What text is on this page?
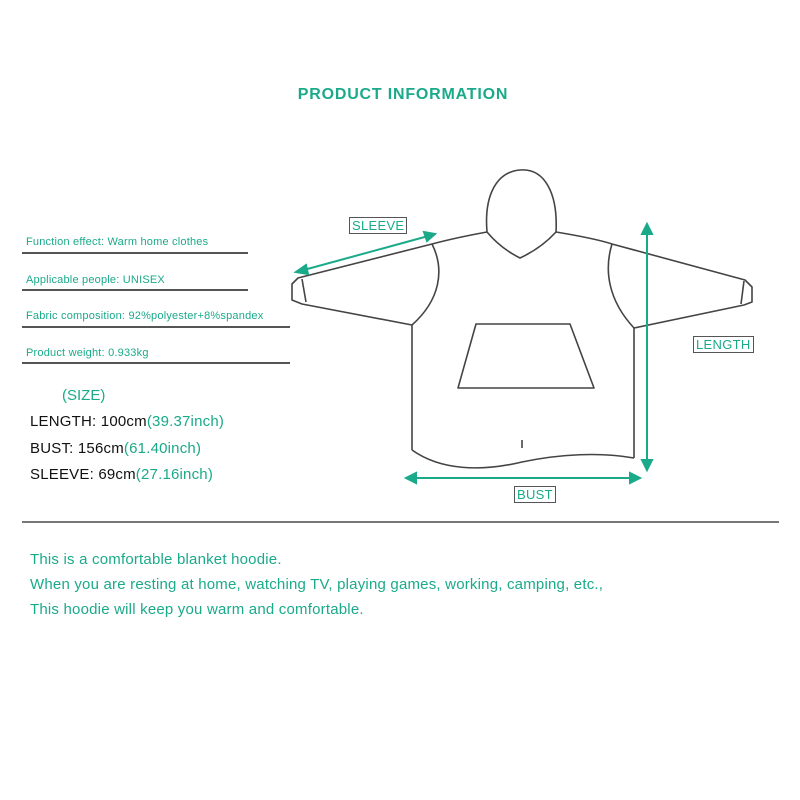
PRODUCT INFORMATION
Function effect: Warm home clothes
Applicable people: UNISEX
Fabric composition: 92%polyester+8%spandex
Product weight: 0.933kg
(SIZE)
LENGTH: 100cm(39.37inch)
BUST: 156cm(61.40inch)
SLEEVE: 69cm(27.16inch)
SLEEVE
LENGTH
BUST
This is a comfortable blanket hoodie.
When you are resting at home, watching TV, playing games, working, camping, etc.,
This hoodie will keep you warm and comfortable.
